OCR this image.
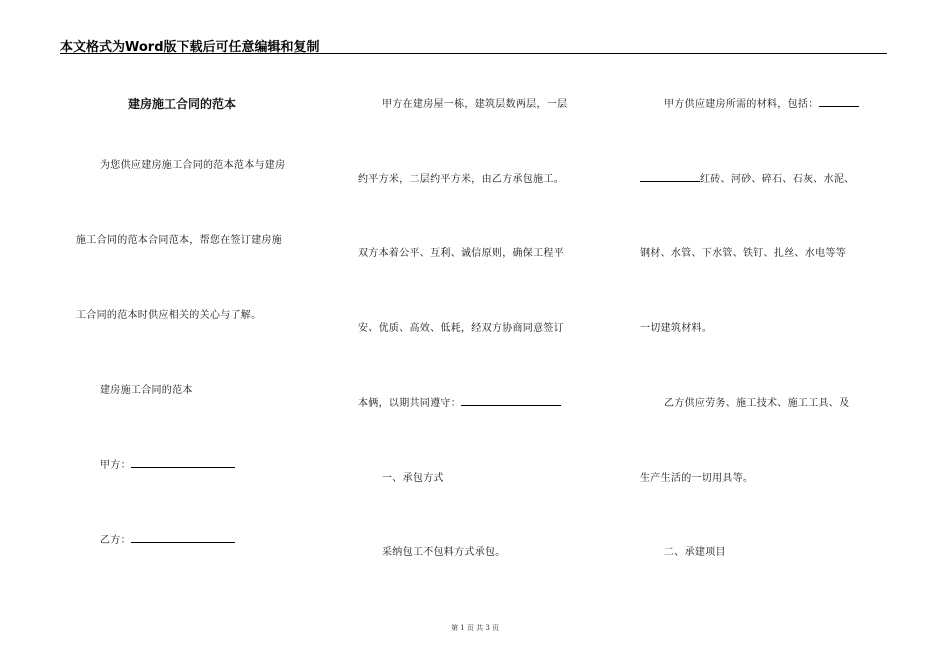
本文格式为Word版下载后可任意编辑和复制
建房施工合同的范本
为您供应建房施工合同的范本范本与建房
施工合同的范本合同范本，帮您在签订建房施
工合同的范本时供应相关的关心与了解。
建房施工合同的范本
甲方：
乙方：
甲方在建房屋一栋，建筑层数两层，一层
约平方米，二层约平方米，由乙方承包施工。
双方本着公平、互利、诚信原则，确保工程平
安、优质、高效、低耗，经双方协商同意签订
本俩，以期共同遵守：
一、承包方式
采纳包工不包料方式承包。
甲方供应建房所需的材料，包括：
红砖、河砂、碎石、石灰、水泥、
钢材、水管、下水管、铁钉、扎丝、水电等等
一切建筑材料。
乙方供应劳务、施工技术、施工工具、及
生产生活的一切用具等。
二、承建项目
第 1 页 共 3 页
